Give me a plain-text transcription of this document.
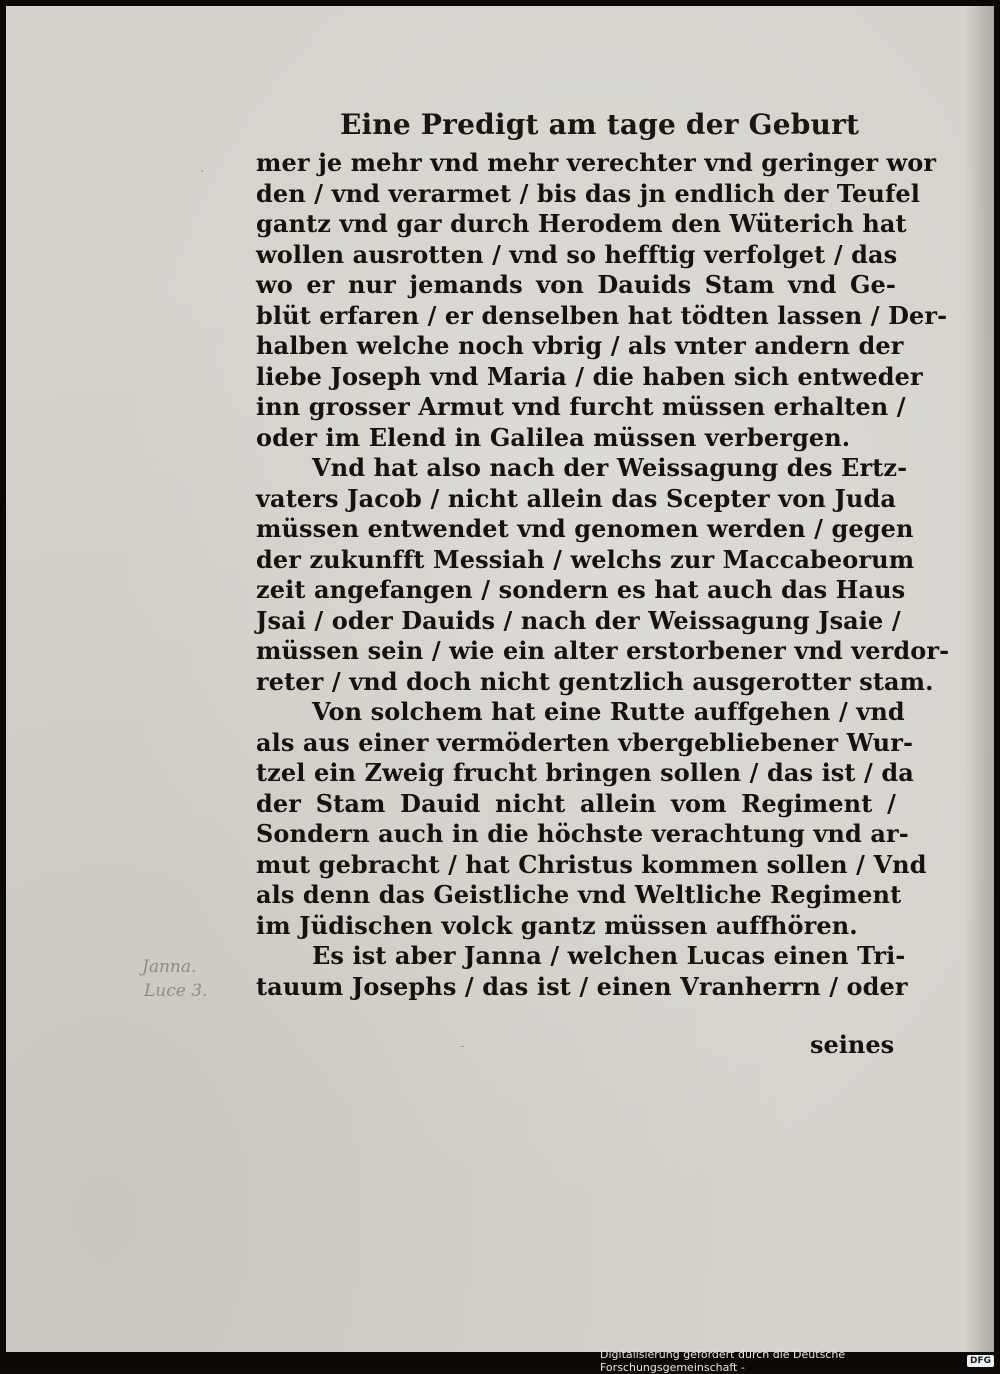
Eine Predigt am tage der Geburt
· mer je mehr vnd mehr verechter vnd geringer wor
den / vnd verarmet / bis das jn endlich der Teufel
gantz vnd gar durch Herodem den Wüterich hat
wollen ausrotten / vnd so hefftig verfolget / das
wo er nur jemands von Dauids Stam vnd Ge-
blüt erfaren / er denselben hat tödten lassen / Der-
halben welche noch vbrig / als vnter andern der
liebe Joseph vnd Maria / die haben sich entweder
inn grosser Armut vnd furcht müssen erhalten /
oder im Elend in Galilea müssen verbergen.
Vnd hat also nach der Weissagung des Ertz-
vaters Jacob / nicht allein das Scepter von Juda
müssen entwendet vnd genomen werden / gegen
der zukunfft Messiah / welchs zur Maccabeorum
zeit angefangen / sondern es hat auch das Haus
Jsai / oder Dauids / nach der Weissagung Jsaie /
müssen sein / wie ein alter erstorbener vnd verdor-
reter / vnd doch nicht gentzlich ausgerotter stam.
Von solchem hat eine Rutte auffgehen / vnd
als aus einer vermöderten vbergebliebener Wur-
tzel ein Zweig frucht bringen sollen / das ist / da
der Stam Dauid nicht allein vom Regiment /
Sondern auch in die höchste verachtung vnd ar-
mut gebracht / hat Christus kommen sollen / Vnd
als denn das Geistliche vnd Weltliche Regiment
im Jüdischen volck gantz müssen auffhören.
Es ist aber Janna / welchen Lucas einen Tri-
tauum Josephs / das ist / einen Vranherrn / oder
seines
Janna.
Luce 3.
-
Digitalisierung gefördert durch die Deutsche Forschungsgemeinschaft -	DFG
